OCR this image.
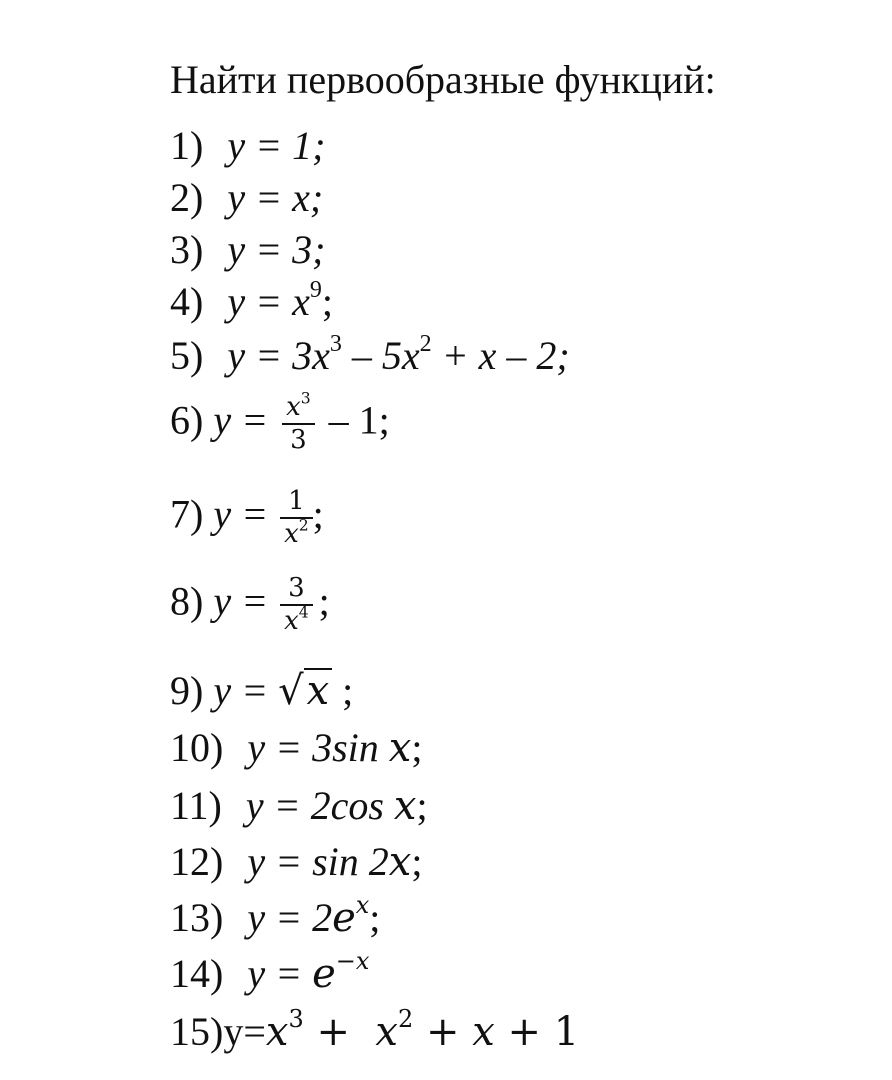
Найти первообразные функций:
1) y = 1;
2) y = x;
3) y = 3;
4) $y = x^9$;
5) $y = 3x^3 - 5x^2 + x - 2$;
6) $y = \frac{x^3}{3} - 1$;
7) $y = \frac{1}{x^2}$ ;
8) $y = \frac{3}{x^4}$ ;
9) y = √x ;
10) y = 3sin x;
11) y = 2cos x;
12) y = sin 2x;
13) $y = 2e^x$;
14) $y = e^{-x}$
$15)y=x^3 + x^2 + x + 1$
